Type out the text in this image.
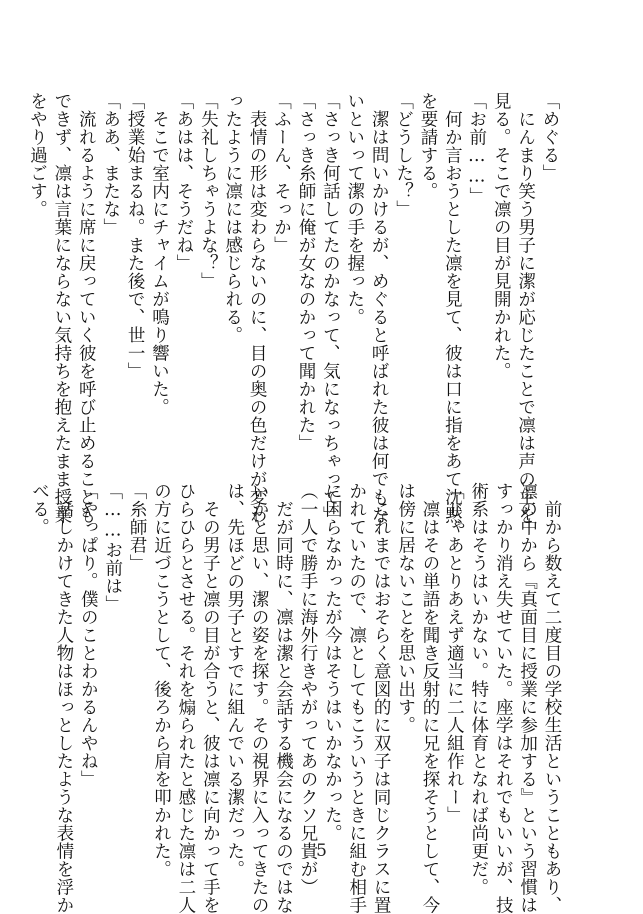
「めぐる」
　にんまり笑う男子に潔が応じたことで凛は声の主を
見る。そこで凛の目が見開かれた。
「お前……」
　何か言おうとした凛を見て、彼は口に指をあて沈黙
を要請する。
「どうした？」
　潔は問いかけるが、めぐると呼ばれた彼は何でもな
いといって潔の手を握った。
「さっき何話してたのかなって、気になっちゃって」
「さっき糸師に俺が女なのかって聞かれた」
「ふーん、そっか」
　表情の形は変わらないのに、目の奥の色だけが変わ
ったように凛には感じられる。
「失礼しちゃうよな？」
「あはは、そうだね」
　そこで室内にチャイムが鳴り響いた。
「授業始まるね。また後で、世一」
「ああ、またな」
　流れるように席に戻っていく彼を呼び止めることも
できず、凛は言葉にならない気持ちを抱えたまま授業
をやり過ごす。
　前から数えて二度目の学校生活ということもあり、
凛の中から『真面目に授業に参加する』という習慣は
すっかり消え失せていた。座学はそれでもいいが、技
術系はそうはいかない。特に体育となれば尚更だ。
「じゃあとりあえず適当に二人組作れー」
　凛はその単語を聞き反射的に兄を探そうとして、今
は傍に居ないことを思い出す。
　これまではおそらく意図的に双子は同じクラスに置
かれていたので、凛としてもこういうときに組む相手
に困らなかったが今はそうはいかなかった。
（一人で勝手に海外行きやがってあのクソ兄貴が）
　だが同時に、凛は潔と会話する機会になるのではな
いかと思い、潔の姿を探す。その視界に入ってきたの
は、先ほどの男子とすでに組んでいる潔だった。
　その男子と凛の目が合うと、彼は凛に向かって手を
ひらひらとさせる。それを煽られたと感じた凛は二人
の方に近づこうとして、後ろから肩を叩かれた。
「糸師君」
「……お前は」
「やっぱり。僕のことわかるんやね」
　話しかけてきた人物はほっとしたような表情を浮か
べる。
5
